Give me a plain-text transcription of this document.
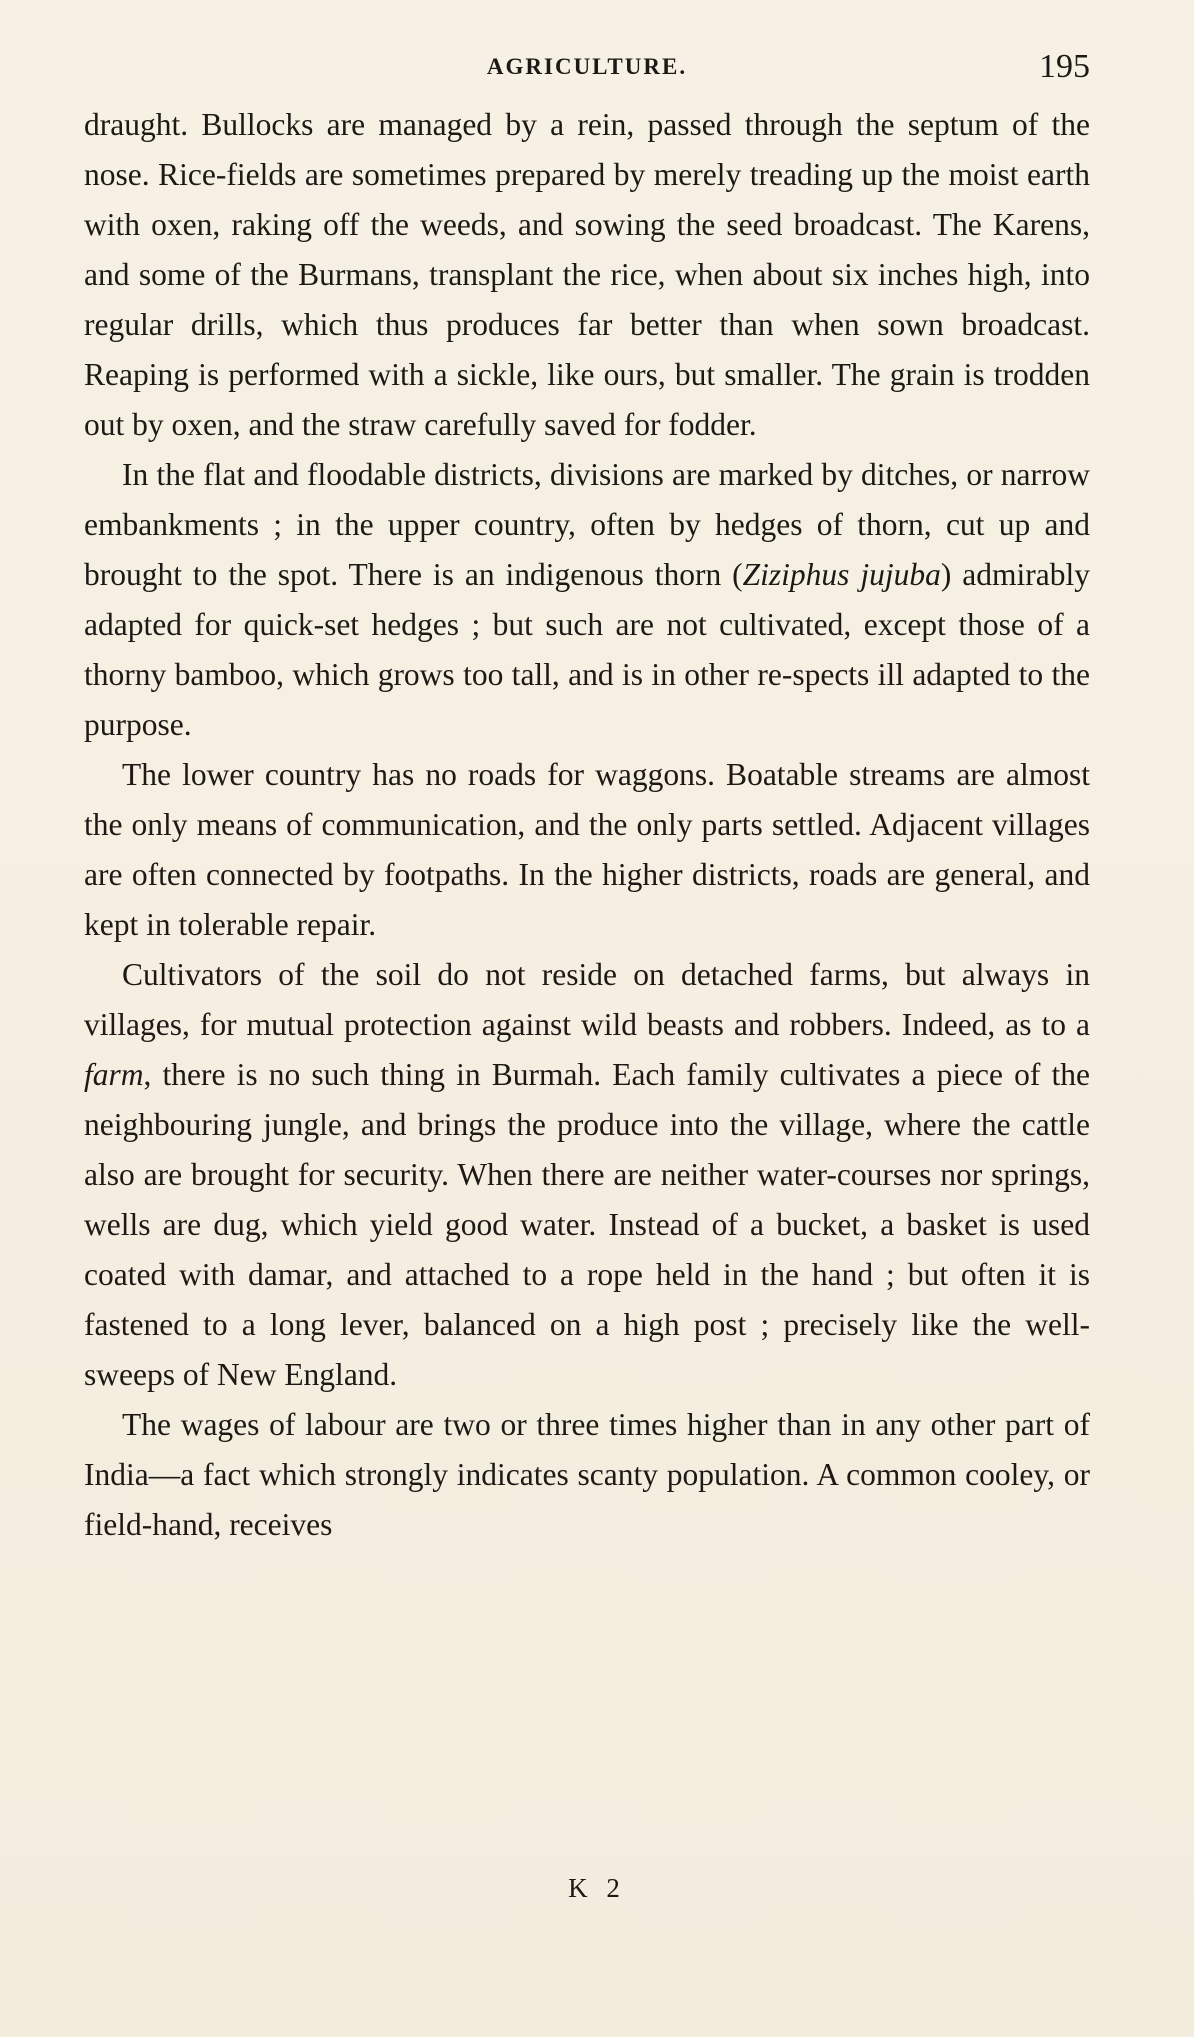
AGRICULTURE.	195

draught. Bullocks are managed by a rein, passed through the septum of the nose. Rice-fields are sometimes prepared by merely treading up the moist earth with oxen, raking off the weeds, and sowing the seed broadcast. The Karens, and some of the Burmans, transplant the rice, when about six inches high, into regular drills, which thus produces far better than when sown broadcast. Reaping is performed with a sickle, like ours, but smaller. The grain is trodden out by oxen, and the straw carefully saved for fodder.

In the flat and floodable districts, divisions are marked by ditches, or narrow embankments ; in the upper country, often by hedges of thorn, cut up and brought to the spot. There is an indigenous thorn (Ziziphus jujuba) admirably adapted for quick-set hedges ; but such are not cultivated, except those of a thorny bamboo, which grows too tall, and is in other re-spects ill adapted to the purpose.

The lower country has no roads for waggons. Boatable streams are almost the only means of communication, and the only parts settled. Adjacent villages are often connected by footpaths. In the higher districts, roads are general, and kept in tolerable repair.

Cultivators of the soil do not reside on detached farms, but always in villages, for mutual protection against wild beasts and robbers. Indeed, as to a farm, there is no such thing in Burmah. Each family cultivates a piece of the neighbouring jungle, and brings the produce into the village, where the cattle also are brought for security. When there are neither water-courses nor springs, wells are dug, which yield good water. Instead of a bucket, a basket is used coated with damar, and attached to a rope held in the hand ; but often it is fastened to a long lever, balanced on a high post ; precisely like the well-sweeps of New England.

The wages of labour are two or three times higher than in any other part of India—a fact which strongly indicates scanty population. A common cooley, or field-hand, receives

K 2
